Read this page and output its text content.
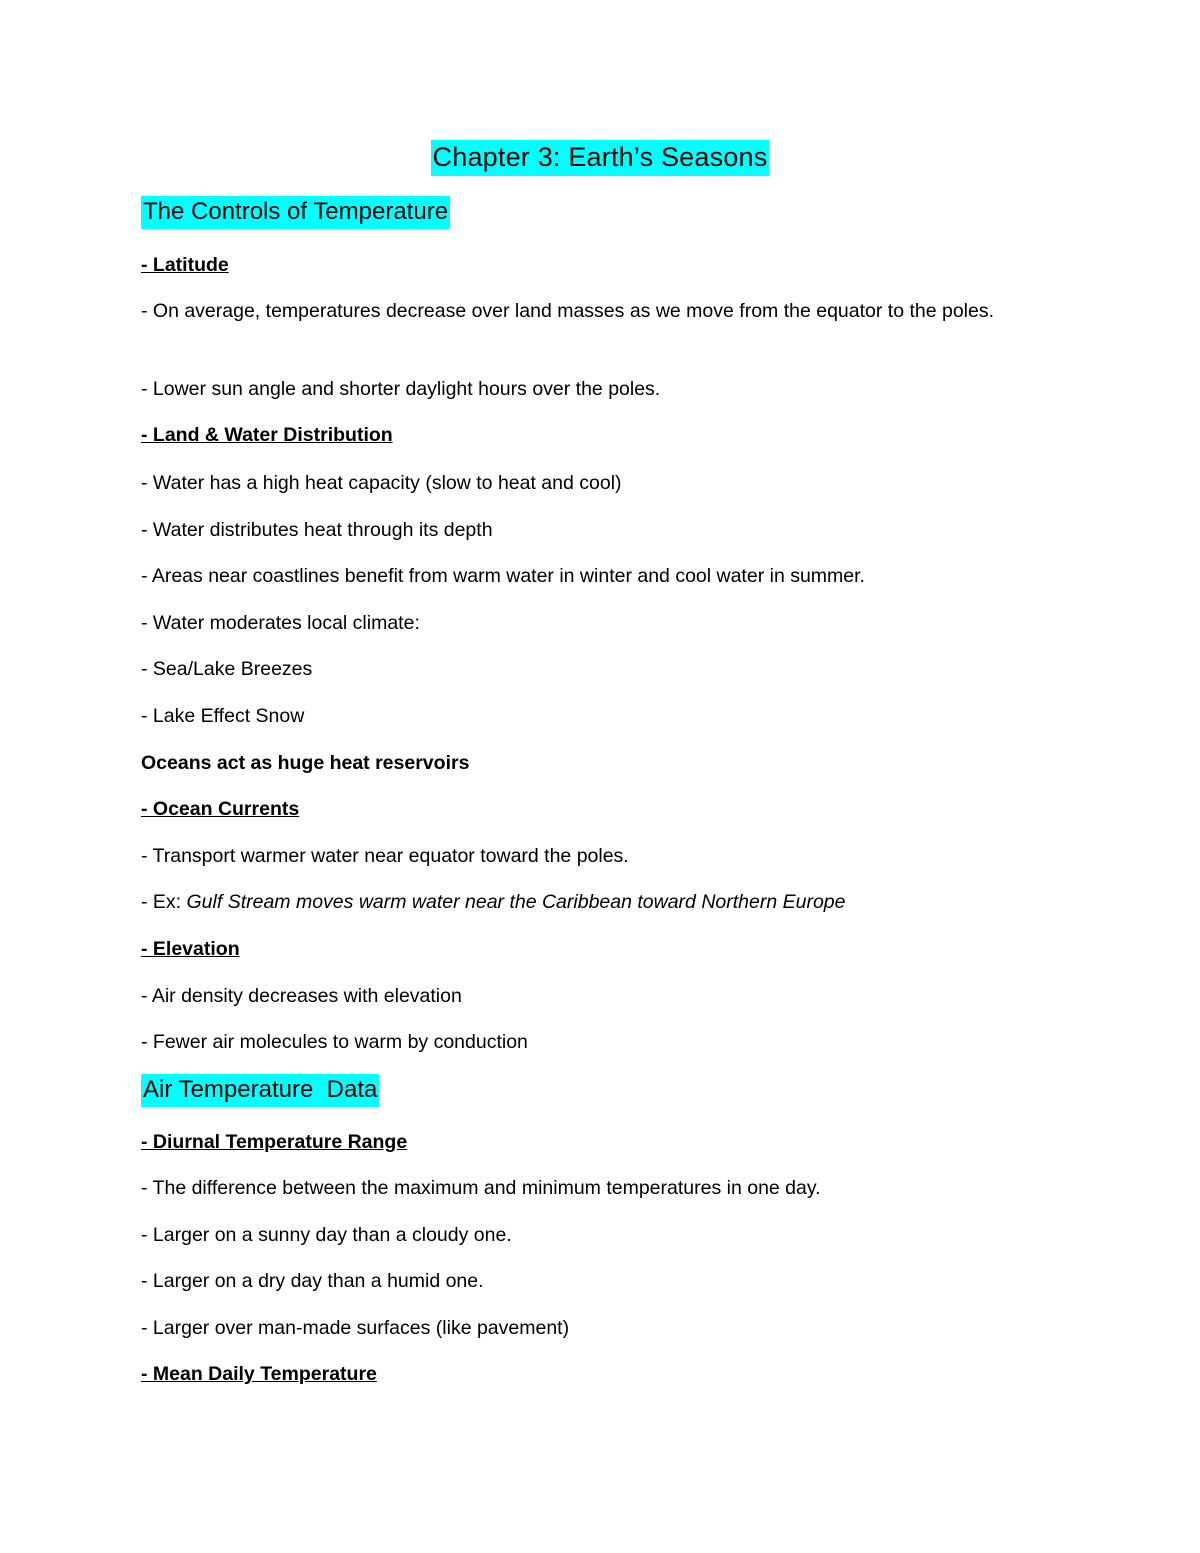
Chapter 3: Earth’s Seasons
The Controls of Temperature
- Latitude
- On average, temperatures decrease over land masses as we move from the equator to the poles.
- Lower sun angle and shorter daylight hours over the poles.
- Land & Water Distribution
- Water has a high heat capacity (slow to heat and cool)
- Water distributes heat through its depth
- Areas near coastlines benefit from warm water in winter and cool water in summer.
- Water moderates local climate:
- Sea/Lake Breezes
- Lake Effect Snow
Oceans act as huge heat reservoirs
- Ocean Currents
- Transport warmer water near equator toward the poles.
- Ex: Gulf Stream moves warm water near the Caribbean toward Northern Europe
- Elevation
- Air density decreases with elevation
- Fewer air molecules to warm by conduction
Air Temperature  Data
- Diurnal Temperature Range
- The difference between the maximum and minimum temperatures in one day.
- Larger on a sunny day than a cloudy one.
- Larger on a dry day than a humid one.
- Larger over man-made surfaces (like pavement)
- Mean Daily Temperature
